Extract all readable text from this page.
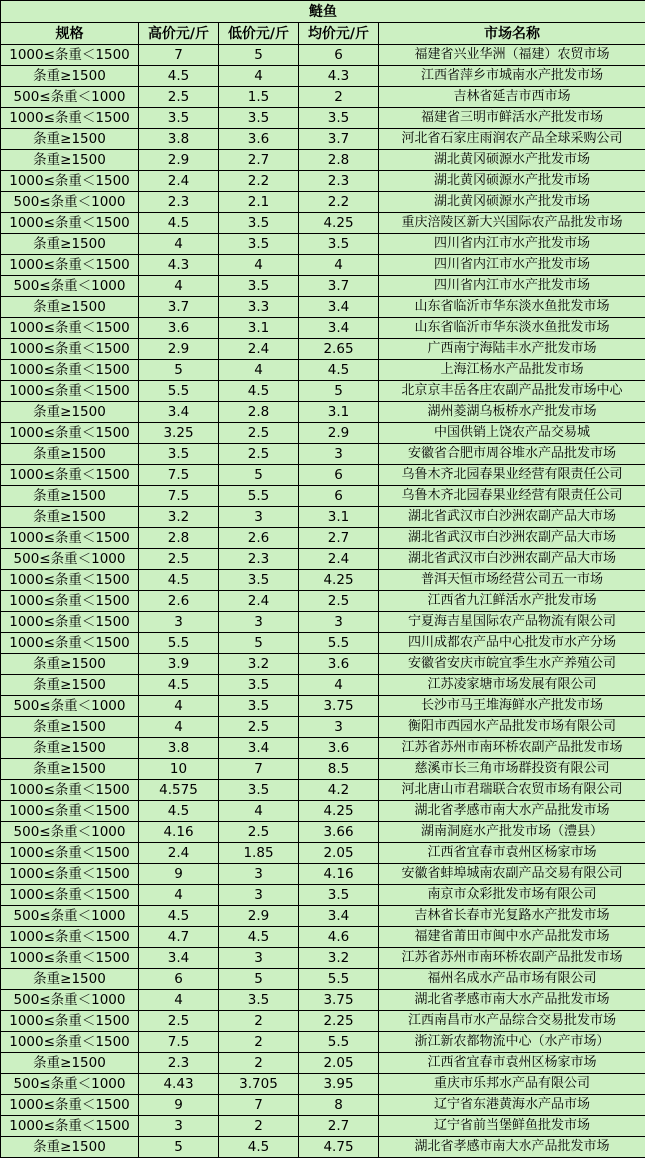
鲢鱼				
规格	高价元/斤	低价元/斤	均价元/斤	市场名称
1000≤条重＜1500	7	5	6	福建省兴业华洲（福建）农贸市场
条重≥1500	4.5	4	4.3	江西省萍乡市城南水产批发市场
500≤条重＜1000	2.5	1.5	2	吉林省延吉市西市场
1000≤条重＜1500	3.5	3.5	3.5	福建省三明市鲜活水产批发市场
条重≥1500	3.8	3.6	3.7	河北省石家庄雨润农产品全球采购公司
条重≥1500	2.9	2.7	2.8	湖北黄冈硕源水产批发市场
1000≤条重＜1500	2.4	2.2	2.3	湖北黄冈硕源水产批发市场
500≤条重＜1000	2.3	2.1	2.2	湖北黄冈硕源水产批发市场
1000≤条重＜1500	4.5	3.5	4.25	重庆涪陵区新大兴国际农产品批发市场
条重≥1500	4	3.5	3.5	四川省内江市水产批发市场
1000≤条重＜1500	4.3	4	4	四川省内江市水产批发市场
500≤条重＜1000	4	3.5	3.7	四川省内江市水产批发市场
条重≥1500	3.7	3.3	3.4	山东省临沂市华东淡水鱼批发市场
1000≤条重＜1500	3.6	3.1	3.4	山东省临沂市华东淡水鱼批发市场
1000≤条重＜1500	2.9	2.4	2.65	广西南宁海陆丰水产批发市场
1000≤条重＜1500	5	4	4.5	上海江杨水产品批发市场
1000≤条重＜1500	5.5	4.5	5	北京京丰岳各庄农副产品批发市场中心
条重≥1500	3.4	2.8	3.1	湖州菱湖乌板桥水产批发市场
1000≤条重＜1500	3.25	2.5	2.9	中国供销上饶农产品交易城
条重≥1500	3.5	2.5	3	安徽省合肥市周谷堆水产品批发市场
1000≤条重＜1500	7.5	5	6	乌鲁木齐北园春果业经营有限责任公司
条重≥1500	7.5	5.5	6	乌鲁木齐北园春果业经营有限责任公司
条重≥1500	3.2	3	3.1	湖北省武汉市白沙洲农副产品大市场
1000≤条重＜1500	2.8	2.6	2.7	湖北省武汉市白沙洲农副产品大市场
500≤条重＜1000	2.5	2.3	2.4	湖北省武汉市白沙洲农副产品大市场
1000≤条重＜1500	4.5	3.5	4.25	普洱天恒市场经营公司五一市场
1000≤条重＜1500	2.6	2.4	2.5	江西省九江鲜活水产批发市场
1000≤条重＜1500	3	3	3	宁夏海吉星国际农产品物流有限公司
1000≤条重＜1500	5.5	5	5.5	四川成都农产品中心批发市水产分场
条重≥1500	3.9	3.2	3.6	安徽省安庆市皖宜季生水产养殖公司
条重≥1500	4.5	3.5	4	江苏凌家塘市场发展有限公司
500≤条重＜1000	4	3.5	3.75	长沙市马王堆海鲜水产批发市场
条重≥1500	4	2.5	3	衡阳市西园水产品批发市场有限公司
条重≥1500	3.8	3.4	3.6	江苏省苏州市南环桥农副产品批发市场
条重≥1500	10	7	8.5	慈溪市长三角市场群投资有限公司
1000≤条重＜1500	4.575	3.5	4.2	河北唐山市君瑞联合农贸市场有限公司
1000≤条重＜1500	4.5	4	4.25	湖北省孝感市南大水产品批发市场
500≤条重＜1000	4.16	2.5	3.66	湖南洞庭水产批发市场（澧县）
1000≤条重＜1500	2.4	1.85	2.05	江西省宜春市袁州区杨家市场
1000≤条重＜1500	9	3	4.16	安徽省蚌埠城南农副产品交易有限公司
1000≤条重＜1500	4	3	3.5	南京市众彩批发市场有限公司
500≤条重＜1000	4.5	2.9	3.4	吉林省长春市光复路水产批发市场
1000≤条重＜1500	4.7	4.5	4.6	福建省莆田市闽中水产品批发市场
1000≤条重＜1500	3.4	3	3.2	江苏省苏州市南环桥农副产品批发市场
条重≥1500	6	5	5.5	福州名成水产品市场有限公司
500≤条重＜1000	4	3.5	3.75	湖北省孝感市南大水产品批发市场
1000≤条重＜1500	2.5	2	2.25	江西南昌市水产品综合交易批发市场
1000≤条重＜1500	7.5	2	5.5	浙江新农都物流中心（水产市场）
条重≥1500	2.3	2	2.05	江西省宜春市袁州区杨家市场
500≤条重＜1000	4.43	3.705	3.95	重庆市乐邦水产品有限公司
1000≤条重＜1500	9	7	8	辽宁省东港黄海水产品市场
1000≤条重＜1500	3	2	2.7	辽宁省前当堡鲜鱼批发市场
条重≥1500	5	4.5	4.75	湖北省孝感市南大水产品批发市场
